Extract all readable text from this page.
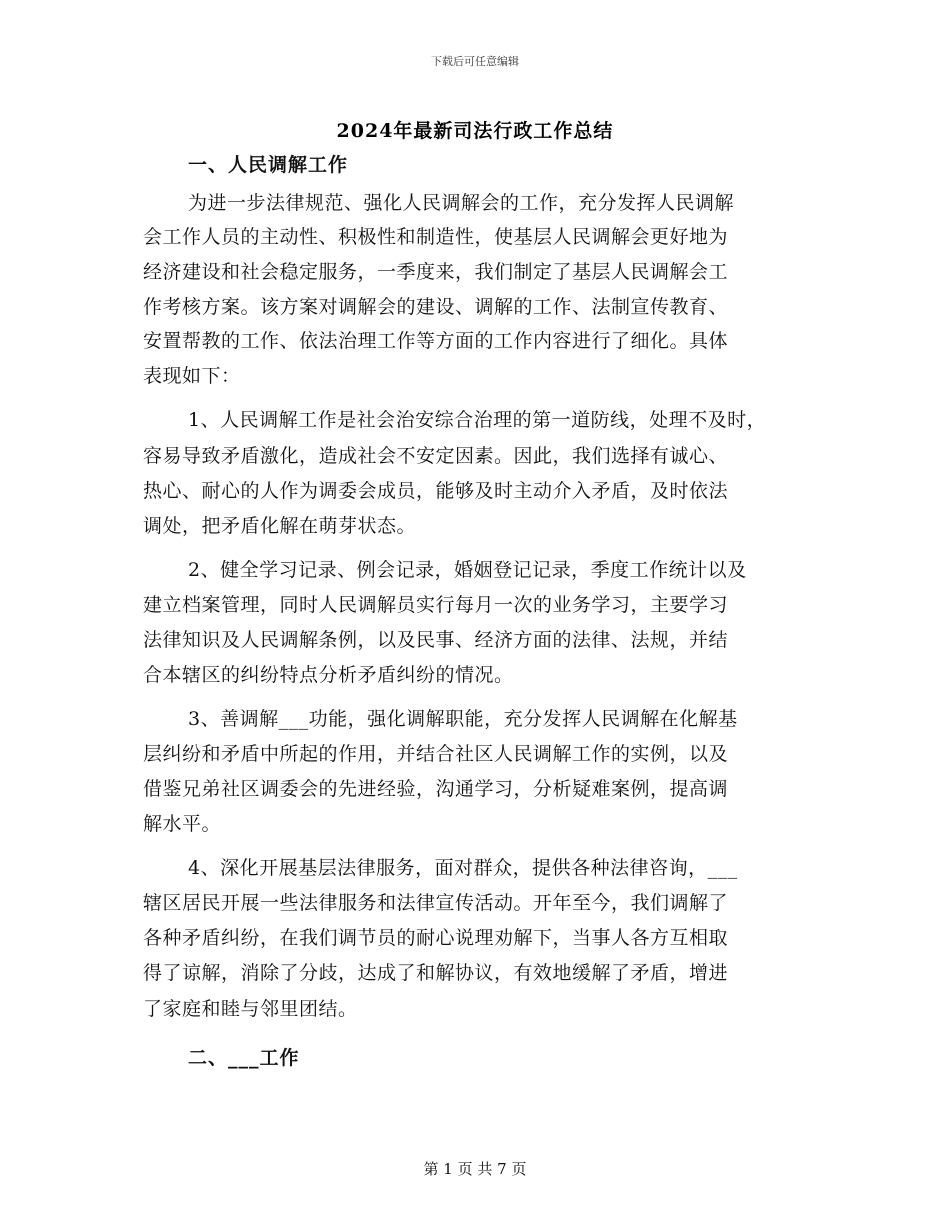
下载后可任意编辑
2024年最新司法行政工作总结
一、人民调解工作
为进一步法律规范、强化人民调解会的工作，充分发挥人民调解
会工作人员的主动性、积极性和制造性，使基层人民调解会更好地为
经济建设和社会稳定服务，一季度来，我们制定了基层人民调解会工
作考核方案。该方案对调解会的建设、调解的工作、法制宣传教育、
安置帮教的工作、依法治理工作等方面的工作内容进行了细化。具体
表现如下：
1、人民调解工作是社会治安综合治理的第一道防线，处理不及时，
容易导致矛盾激化，造成社会不安定因素。因此，我们选择有诚心、
热心、耐心的人作为调委会成员，能够及时主动介入矛盾，及时依法
调处，把矛盾化解在萌芽状态。
2、健全学习记录、例会记录，婚姻登记记录，季度工作统计以及
建立档案管理，同时人民调解员实行每月一次的业务学习，主要学习
法律知识及人民调解条例，以及民事、经济方面的法律、法规，并结
合本辖区的纠纷特点分析矛盾纠纷的情况。
3、善调解___功能，强化调解职能，充分发挥人民调解在化解基
层纠纷和矛盾中所起的作用，并结合社区人民调解工作的实例，以及
借鉴兄弟社区调委会的先进经验，沟通学习，分析疑难案例，提高调
解水平。
4、深化开展基层法律服务，面对群众，提供各种法律咨询，___
辖区居民开展一些法律服务和法律宣传活动。开年至今，我们调解了
各种矛盾纠纷，在我们调节员的耐心说理劝解下，当事人各方互相取
得了谅解，消除了分歧，达成了和解协议，有效地缓解了矛盾，增进
了家庭和睦与邻里团结。
二、___工作
第 1 页 共 7 页
